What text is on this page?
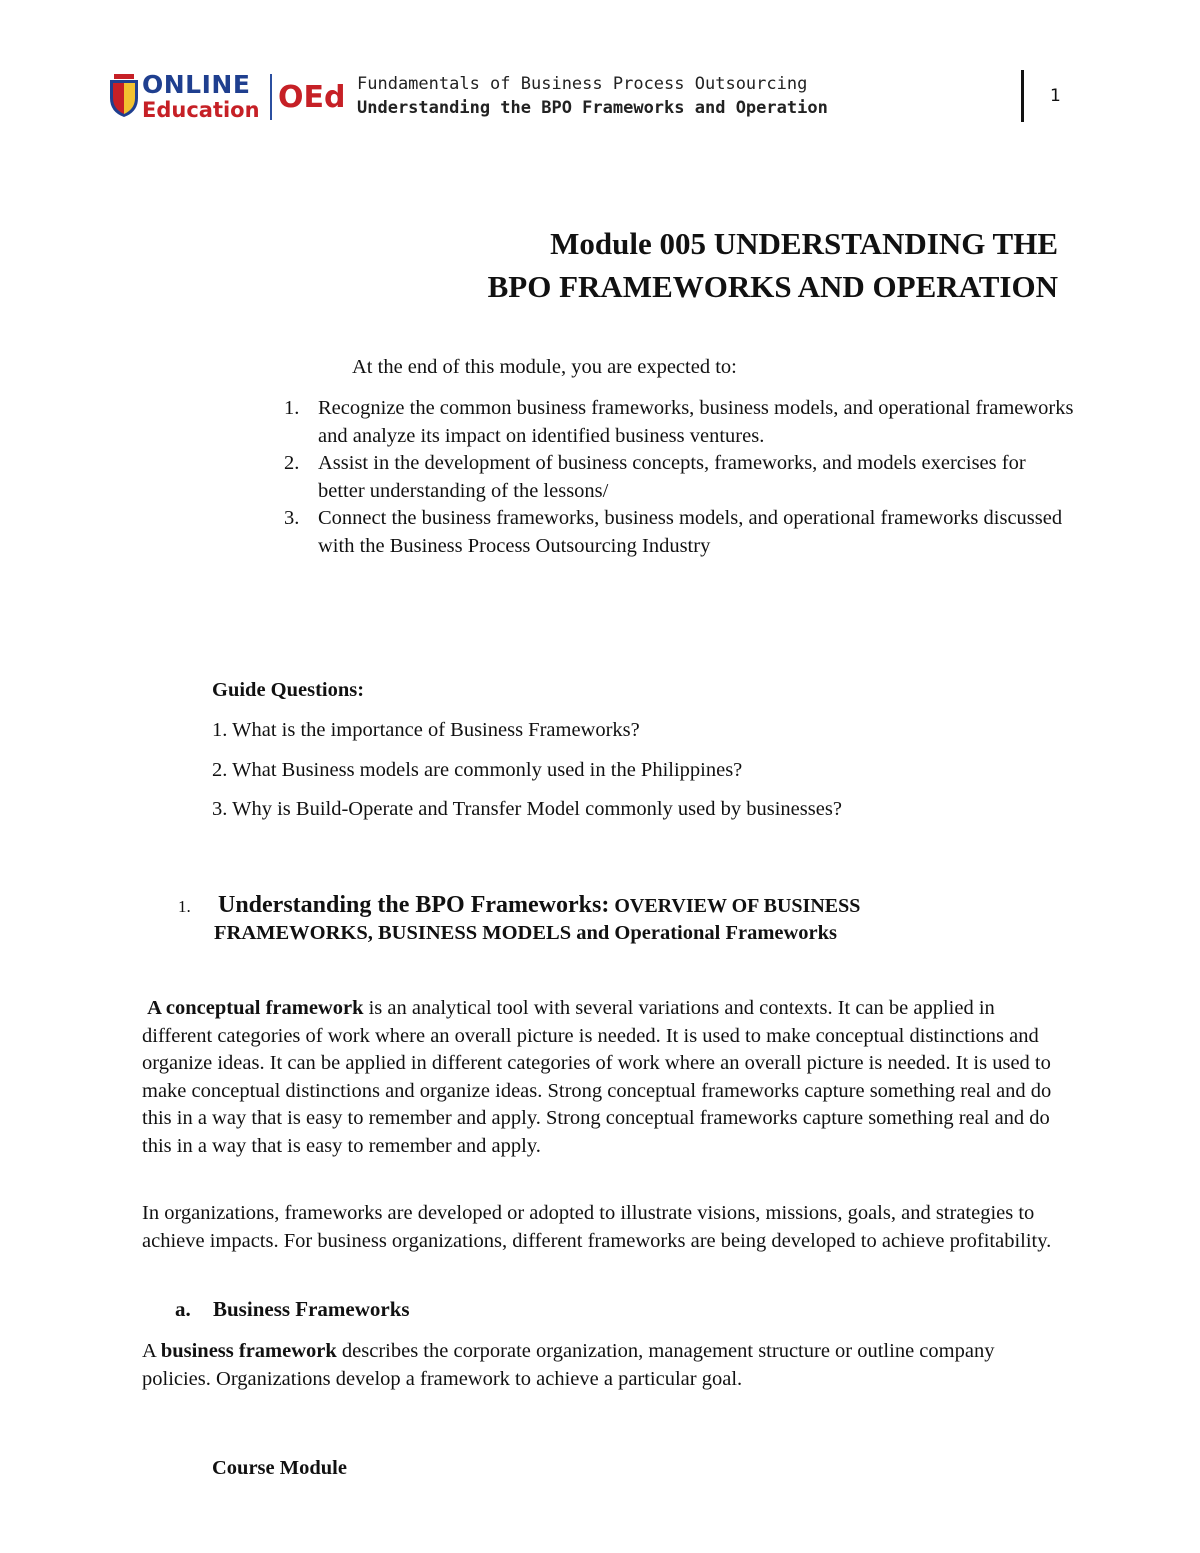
ONLINE
Education OEd Fundamentals of Business Process Outsourcing
Understanding the BPO Frameworks and Operation
1
Module 005 UNDERSTANDING THE
BPO FRAMEWORKS AND OPERATION
At the end of this module, you are expected to:
1. Recognize the common business frameworks, business models, and operational frameworks and analyze its impact on identified business ventures.
2. Assist in the development of business concepts, frameworks, and models exercises for better understanding of the lessons/
3. Connect the business frameworks, business models, and operational frameworks discussed with the Business Process Outsourcing Industry
Guide Questions:
1. What is the importance of Business Frameworks?
2. What Business models are commonly used in the Philippines?
3. Why is Build-Operate and Transfer Model commonly used by businesses?
1. Understanding the BPO Frameworks: OVERVIEW OF BUSINESS
FRAMEWORKS, BUSINESS MODELS and Operational Frameworks

A conceptual framework is an analytical tool with several variations and contexts. It can be applied in different categories of work where an overall picture is needed. It is used to make conceptual distinctions and organize ideas. It can be applied in different categories of work where an overall picture is needed. It is used to make conceptual distinctions and organize ideas. Strong conceptual frameworks capture something real and do this in a way that is easy to remember and apply. Strong conceptual frameworks capture something real and do this in a way that is easy to remember and apply.

In organizations, frameworks are developed or adopted to illustrate visions, missions, goals, and strategies to achieve impacts. For business organizations, different frameworks are being developed to achieve profitability.

a. Business Frameworks

A business framework describes the corporate organization, management structure or outline company policies. Organizations develop a framework to achieve a particular goal.

Course Module
